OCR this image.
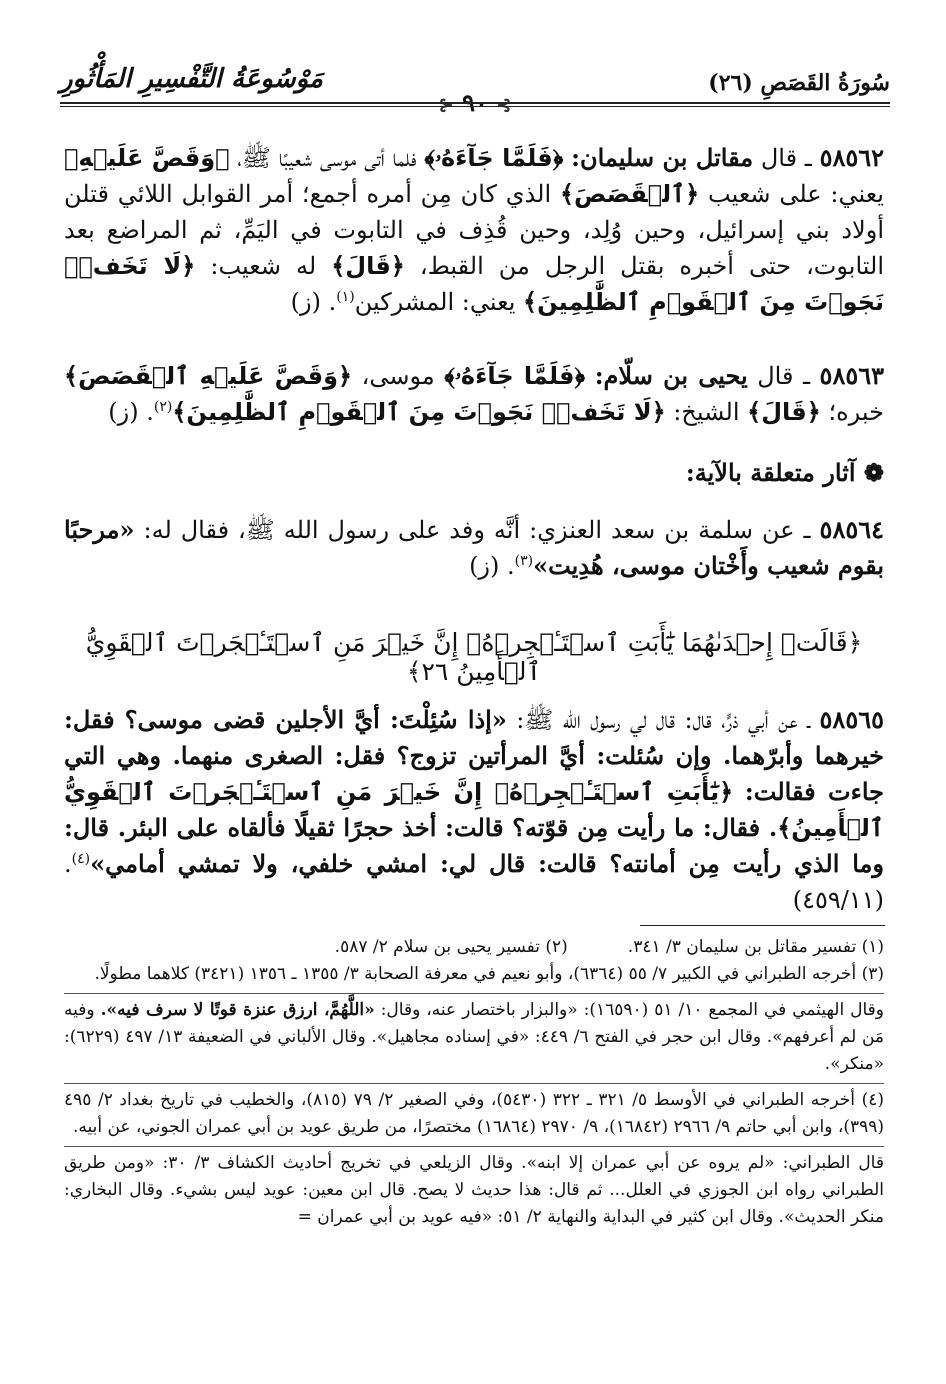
سُورَةُ القَصَصِ (٢٦)
مَوْسُوعَةُ التَّفْسِيرِ المَأْثُورِ
⊱ ٩٠ ⊰
٥٨٥٦٢ ـ قال مقاتل بن سليمان: ﴿فَلَمَّا جَآءَهُۥ﴾ فلما أتى موسى شعيبًا ﷺ، ﴿وَقَصَّ عَلَيۡهِ﴾ يعني: على شعيب ﴿ٱلۡقَصَصَ﴾ الذي كان مِن أمره أجمع؛ أمر القوابل اللائي قتلن أولاد بني إسرائيل، وحين وُلِد، وحين قُذِف في التابوت في اليَمِّ، ثم المراضع بعد التابوت، حتى أخبره بقتل الرجل من القبط، ﴿قَالَ﴾ له شعيب: ﴿لَا تَخَفۡۖ نَجَوۡتَ مِنَ ٱلۡقَوۡمِ ٱلظَّٰلِمِينَ﴾ يعني: المشركين$^{(١)}$. (ز)
٥٨٥٦٣ ـ قال يحيى بن سلّام: ﴿فَلَمَّا جَآءَهُۥ﴾ موسى، ﴿وَقَصَّ عَلَيۡهِ ٱلۡقَصَصَ﴾ خبره؛ ﴿قَالَ﴾ الشيخ: ﴿لَا تَخَفۡۖ نَجَوۡتَ مِنَ ٱلۡقَوۡمِ ٱلظَّٰلِمِينَ﴾$^{(٢)}$. (ز)
❁ آثار متعلقة بالآية:
٥٨٥٦٤ ـ عن سلمة بن سعد العنزي: أنَّه وفد على رسول الله ﷺ، فقال له: «مرحبًا بقوم شعيب وأَخْتان موسى، هُدِيت»$^{(٣)}$. (ز)
﴿قَالَتۡ إِحۡدَىٰهُمَا يَٰٓأَبَتِ ٱسۡتَـٔۡجِرۡهُۖ إِنَّ خَيۡرَ مَنِ ٱسۡتَـٔۡجَرۡتَ ٱلۡقَوِيُّ ٱلۡأَمِينُ ٢٦﴾
٥٨٥٦٥ ـ عن أبي ذرٍّ، قال: قال لي رسول الله ﷺ: «إذا سُئِلْتَ: أيَّ الأجلين قضى موسى؟ فقل: خيرهما وأبرّهما. وإن سُئلت: أيَّ المرأتين تزوج؟ فقل: الصغرى منهما. وهي التي جاءت فقالت: ﴿يَٰٓأَبَتِ ٱسۡتَـٔۡجِرۡهُۖ إِنَّ خَيۡرَ مَنِ ٱسۡتَـٔۡجَرۡتَ ٱلۡقَوِيُّ ٱلۡأَمِينُ﴾. فقال: ما رأيت مِن قوّته؟ قالت: أخذ حجرًا ثقيلًا فألقاه على البئر. قال: وما الذي رأيت مِن أمانته؟ قالت: قال لي: امشي خلفي، ولا تمشي أمامي»$^{(٤)}$. (٤٥٩/١١)
(١) تفسير مقاتل بن سليمان ٣/ ٣٤١.
(٢) تفسير يحيى بن سلام ٢/ ٥٨٧.
(٣) أخرجه الطبراني في الكبير ٧/ ٥٥ (٦٣٦٤)، وأبو نعيم في معرفة الصحابة ٣/ ١٣٥٥ ـ ١٣٥٦ (٣٤٢١) كلاهما مطولًا.
وقال الهيثمي في المجمع ١٠/ ٥١ (١٦٥٩٠): «والبزار باختصار عنه، وقال: «اللَّهُمَّ، ارزق عنزة قوتًا لا سرف فيه». وفيه مَن لم أعرفهم». وقال ابن حجر في الفتح ٦/ ٤٤٩: «في إسناده مجاهيل». وقال الألباني في الضعيفة ١٣/ ٤٩٧ (٦٢٢٩): «منكر».
(٤) أخرجه الطبراني في الأوسط ٥/ ٣٢١ ـ ٣٢٢ (٥٤٣٠)، وفي الصغير ٢/ ٧٩ (٨١٥)، والخطيب في تاريخ بغداد ٢/ ٤٩٥ (٣٩٩)، وابن أبي حاتم ٩/ ٢٩٦٦ (١٦٨٤٢)، ٩/ ٢٩٧٠ (١٦٨٦٤) مختصرًا، من طريق عويد بن أبي عمران الجوني، عن أبيه.
قال الطبراني: «لم يروه عن أبي عمران إلا ابنه». وقال الزيلعي في تخريج أحاديث الكشاف ٣/ ٣٠: «ومن طريق الطبراني رواه ابن الجوزي في العلل... ثم قال: هذا حديث لا يصح. قال ابن معين: عويد ليس بشيء. وقال البخاري: منكر الحديث». وقال ابن كثير في البداية والنهاية ٢/ ٥١: «فيه عويد بن أبي عمران =
